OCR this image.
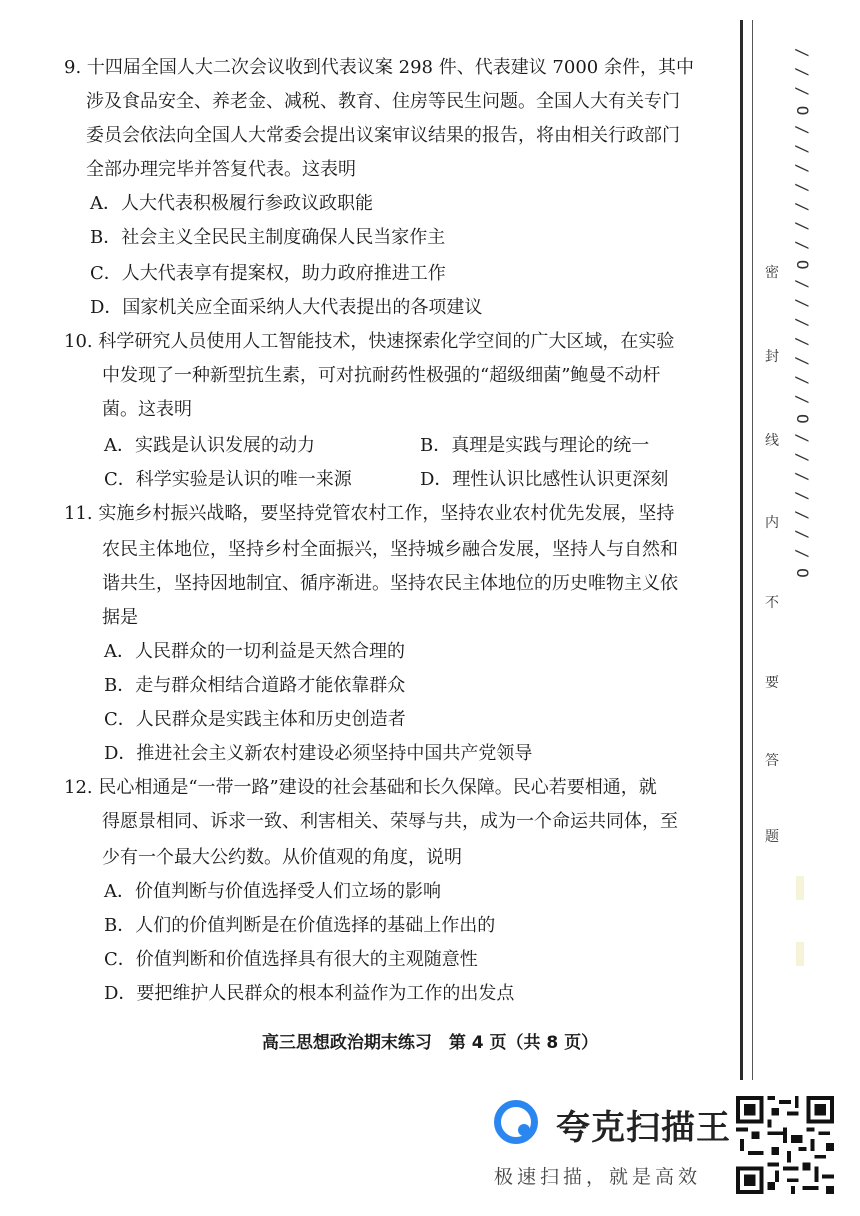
9. 十四届全国人大二次会议收到代表议案 298 件、代表建议 7000 余件，其中
涉及食品安全、养老金、减税、教育、住房等民生问题。全国人大有关专门
委员会依法向全国人大常委会提出议案审议结果的报告，将由相关行政部门
全部办理完毕并答复代表。这表明
A．人大代表积极履行参政议政职能
B．社会主义全民民主制度确保人民当家作主
C．人大代表享有提案权，助力政府推进工作
D．国家机关应全面采纳人大代表提出的各项建议
10. 科学研究人员使用人工智能技术，快速探索化学空间的广大区域，在实验
中发现了一种新型抗生素，可对抗耐药性极强的“超级细菌”鲍曼不动杆
菌。这表明
A．实践是认识发展的动力	B．真理是实践与理论的统一
C．科学实验是认识的唯一来源	D．理性认识比感性认识更深刻
11. 实施乡村振兴战略，要坚持党管农村工作，坚持农业农村优先发展，坚持
农民主体地位，坚持乡村全面振兴，坚持城乡融合发展，坚持人与自然和
谐共生，坚持因地制宜、循序渐进。坚持农民主体地位的历史唯物主义依
据是
A．人民群众的一切利益是天然合理的
B．走与群众相结合道路才能依靠群众
C．人民群众是实践主体和历史创造者
D．推进社会主义新农村建设必须坚持中国共产党领导
12. 民心相通是“一带一路”建设的社会基础和长久保障。民心若要相通，就
得愿景相同、诉求一致、利害相关、荣辱与共，成为一个命运共同体，至
少有一个最大公约数。从价值观的角度，说明
A．价值判断与价值选择受人们立场的影响
B．人们的价值判断是在价值选择的基础上作出的
C．价值判断和价值选择具有很大的主观随意性
D．要把维护人民群众的根本利益作为工作的出发点
高三思想政治期末练习　第 4 页（共 8 页）
/ / / O / / / / / / / O / / / / / / / O / / / / / / / O
密
封
线
内
不
要
答
题
夸克扫描王
极速扫描，就是高效
